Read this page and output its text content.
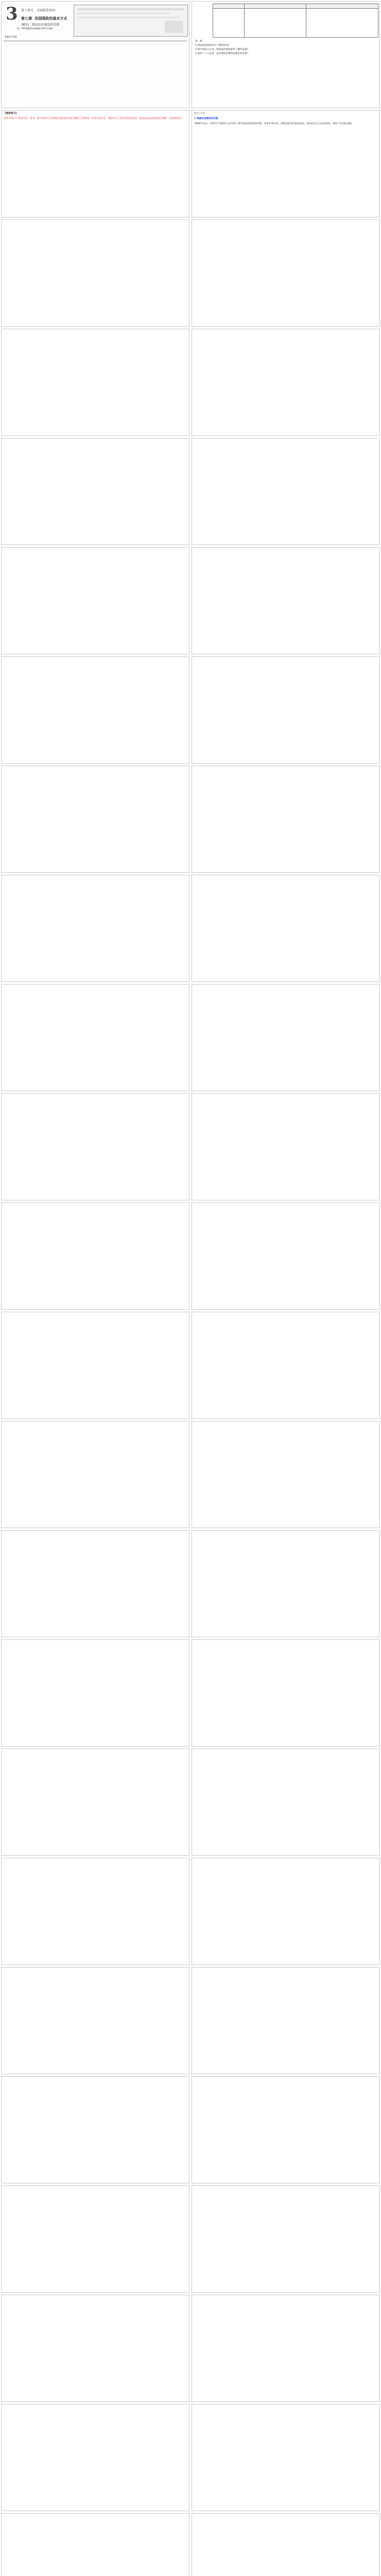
3 第三单元 全面依法治国
第七课 治国理政的基本方式
课时1 我国法治建设的历程
第一PPT模板网-WWW.1PPT.COM
【课标引领】
第一框
1.我国法治建设经历了哪些阶段？
2.新中国成立以来，我国法治建设取得了哪些成就？
3.党的十八大以来，法治建设有哪些新理念新举措？
【课前预习】
阅读 P76-77 教材内容，思考：新中国成立后我国法治建设的历程有哪些主要阶段？改革开放以来，我国为什么要坚持依法治国？全面依法治国是国家治理的一场深刻革命。
探究与分享
1.我国法治建设的历程
1949年以来，中国共产党领导人民开始了新中国法治建设的历程；改革开放以来，党和国家坚持依法治国，建设社会主义法治国家，取得了历史性成就。
